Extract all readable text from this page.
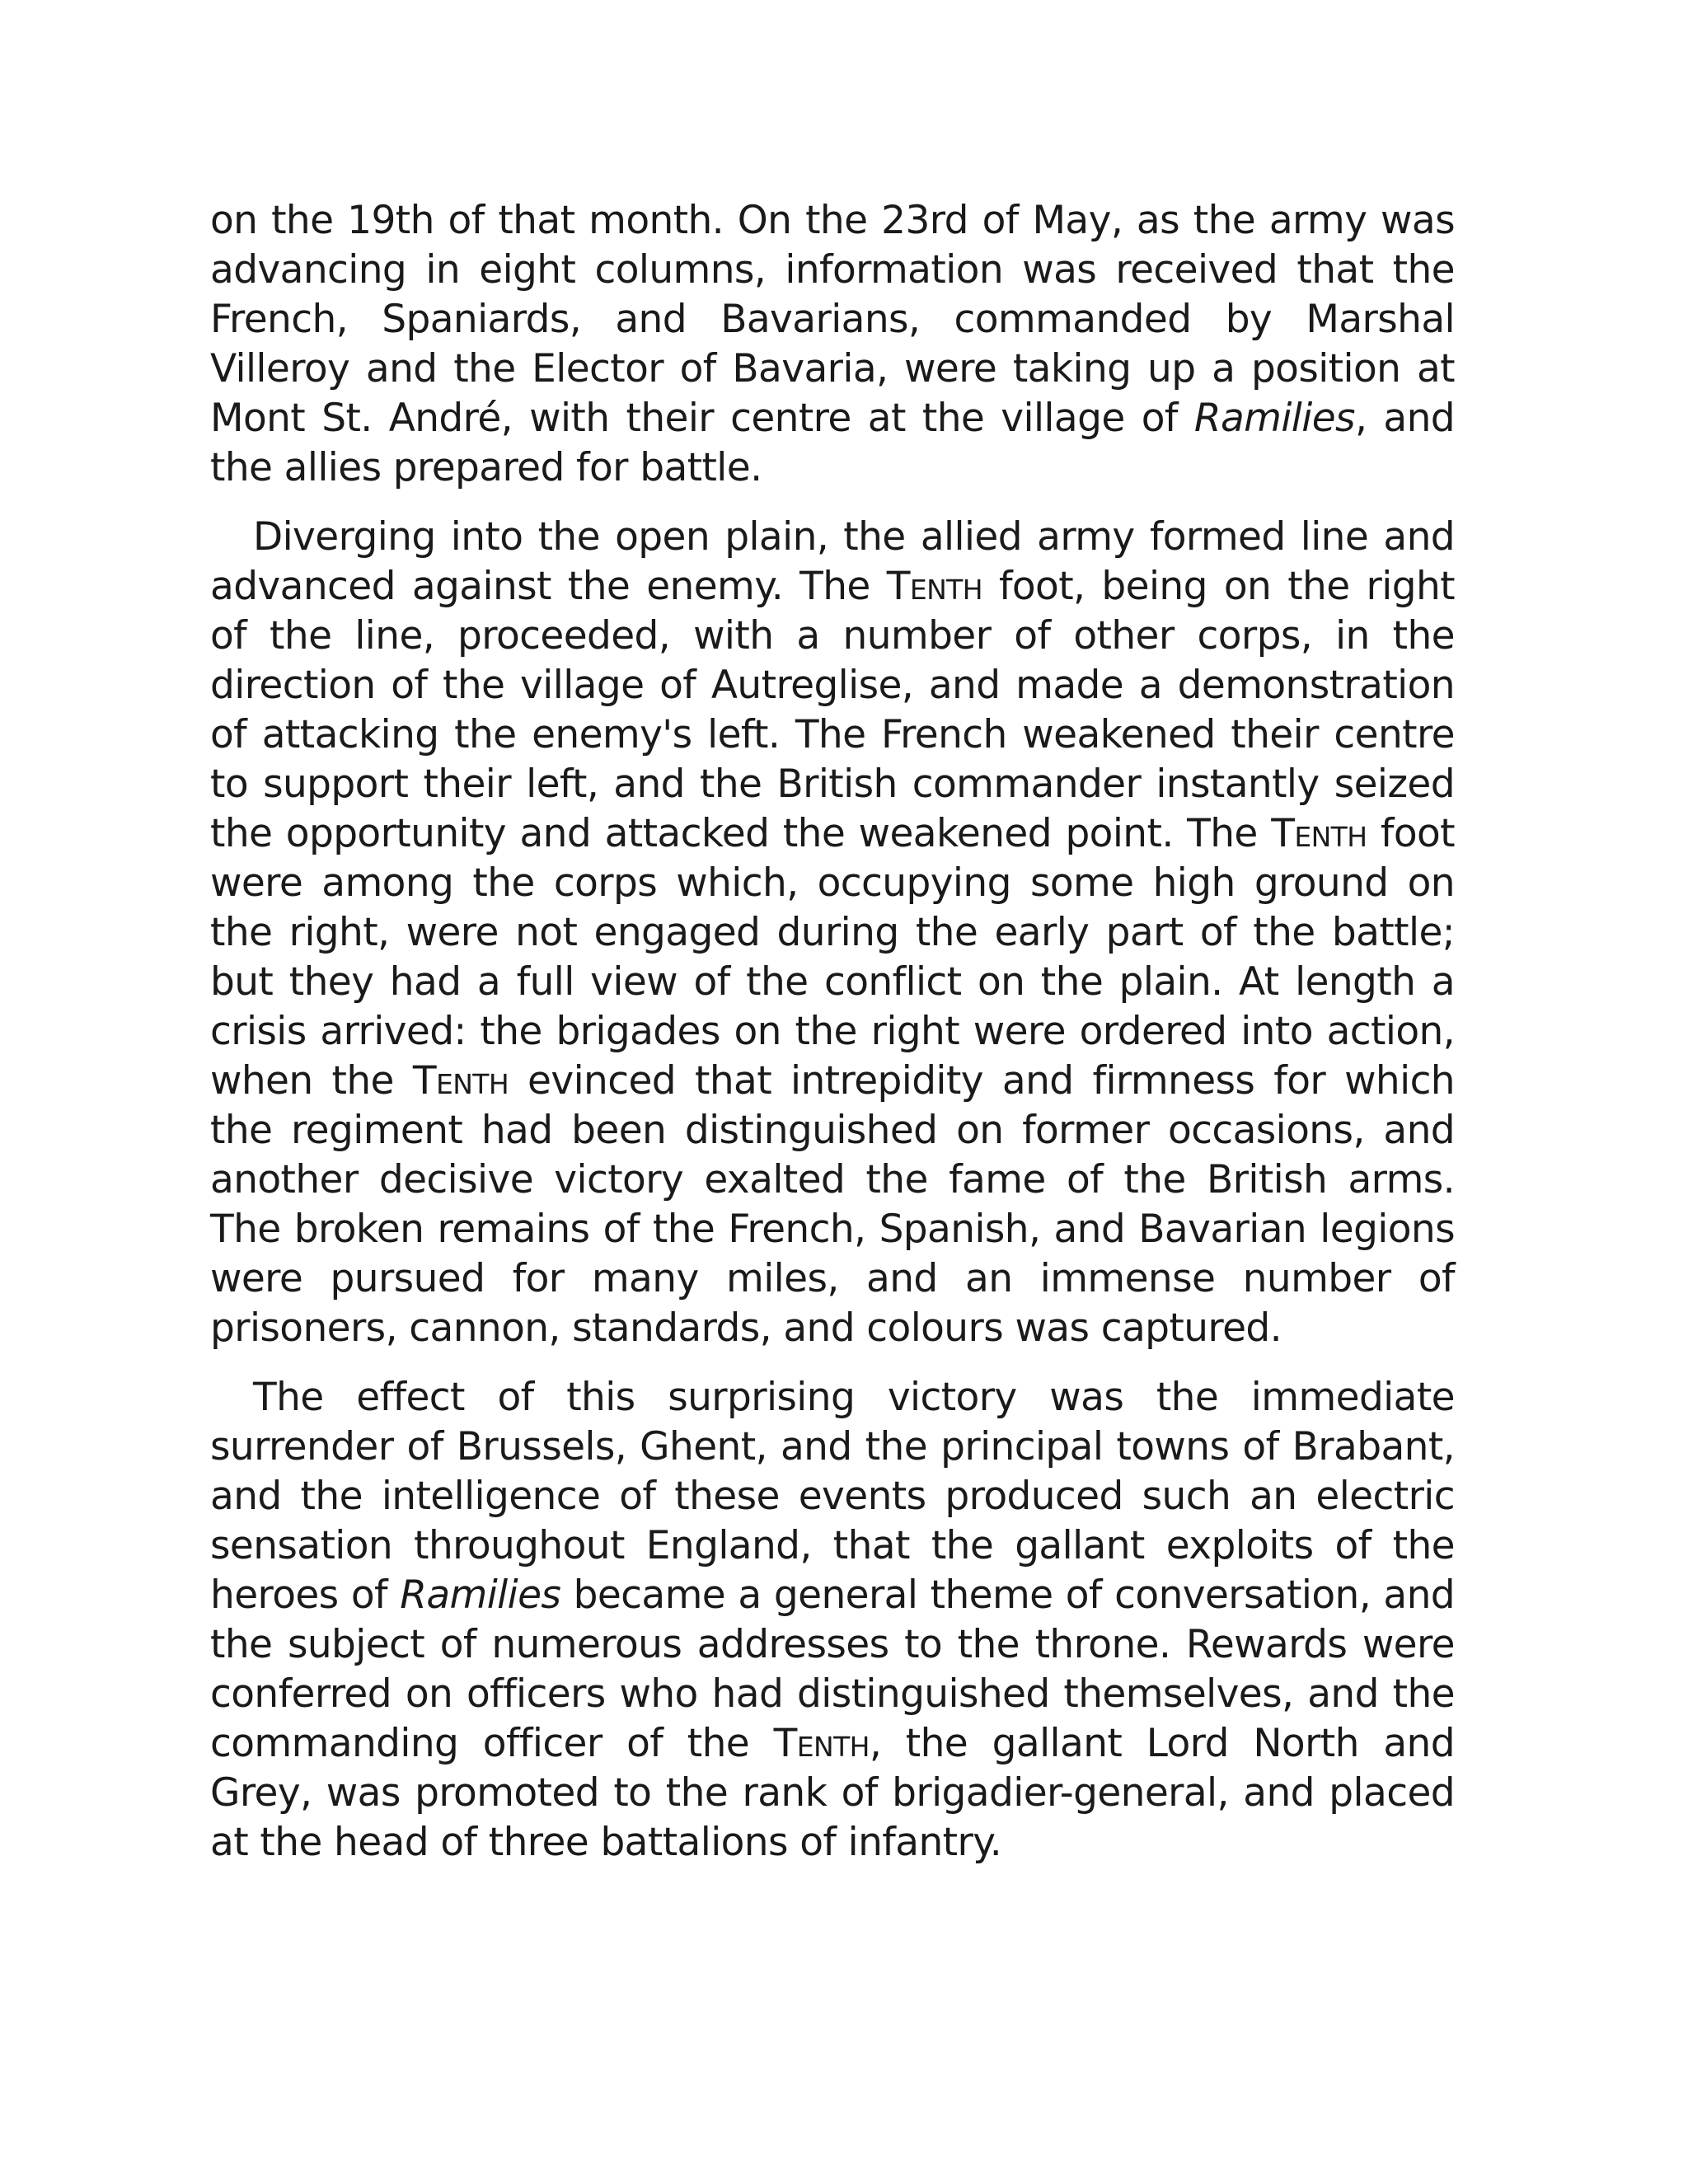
on the 19th of that month. On the 23rd of May, as the army was advancing in eight columns, information was received that the French, Spaniards, and Bavarians, commanded by Marshal Villeroy and the Elector of Bavaria, were taking up a position at Mont St. André, with their centre at the village of Ramilies, and the allies prepared for battle.

Diverging into the open plain, the allied army formed line and advanced against the enemy. The Tenth foot, being on the right of the line, proceeded, with a number of other corps, in the direction of the village of Autreglise, and made a demonstration of attacking the enemy's left. The French weakened their centre to support their left, and the British commander instantly seized the opportunity and attacked the weakened point. The Tenth foot were among the corps which, occupying some high ground on the right, were not engaged during the early part of the battle; but they had a full view of the conflict on the plain. At length a crisis arrived: the brigades on the right were ordered into action, when the Tenth evinced that intrepidity and firmness for which the regiment had been distinguished on former occasions, and another decisive victory exalted the fame of the British arms. The broken remains of the French, Spanish, and Bavarian legions were pursued for many miles, and an immense number of prisoners, cannon, standards, and colours was captured.

The effect of this surprising victory was the immediate surrender of Brussels, Ghent, and the principal towns of Brabant, and the intelligence of these events produced such an electric sensation throughout England, that the gallant exploits of the heroes of Ramilies became a general theme of conversation, and the subject of numerous addresses to the throne. Rewards were conferred on officers who had distinguished themselves, and the commanding officer of the Tenth, the gallant Lord North and Grey, was promoted to the rank of brigadier-general, and placed at the head of three battalions of infantry.
